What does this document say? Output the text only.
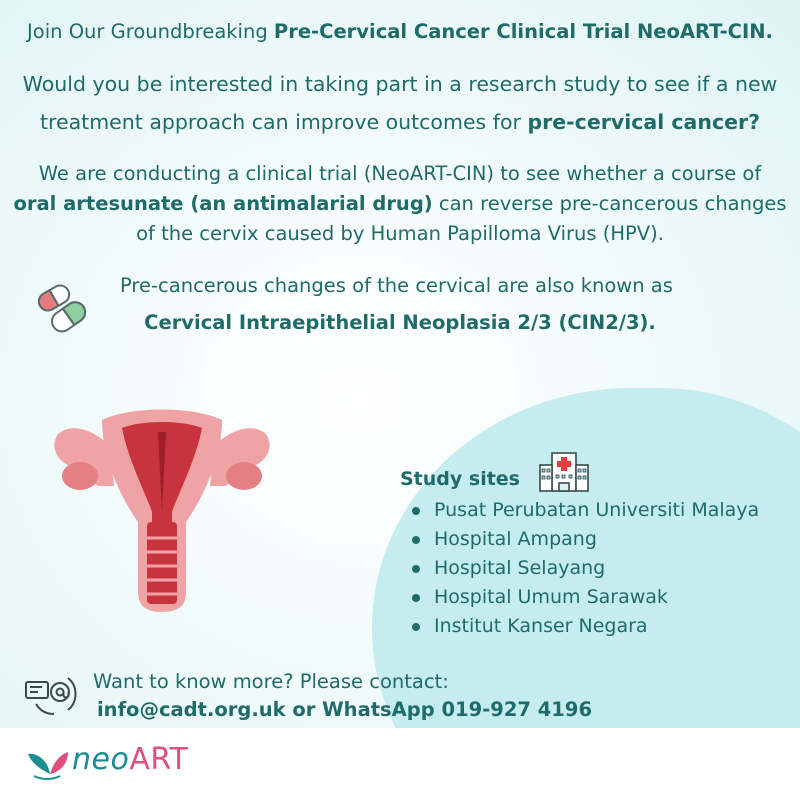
Join Our Groundbreaking Pre-Cervical Cancer Clinical Trial NeoART-CIN.
Would you be interested in taking part in a research study to see if a new
treatment approach can improve outcomes for pre-cervical cancer?
We are conducting a clinical trial (NeoART-CIN) to see whether a course of
oral artesunate (an antimalarial drug) can reverse pre-cancerous changes
of the cervix caused by Human Papilloma Virus (HPV).
Pre-cancerous changes of the cervical are also known as
Cervical Intraepithelial Neoplasia 2/3 (CIN2/3).
Study sites
Pusat Perubatan Universiti Malaya
Hospital Ampang
Hospital Selayang
Hospital Umum Sarawak
Institut Kanser Negara
Want to know more? Please contact:
info@cadt.org.uk or WhatsApp 019-927 4196
neoART
